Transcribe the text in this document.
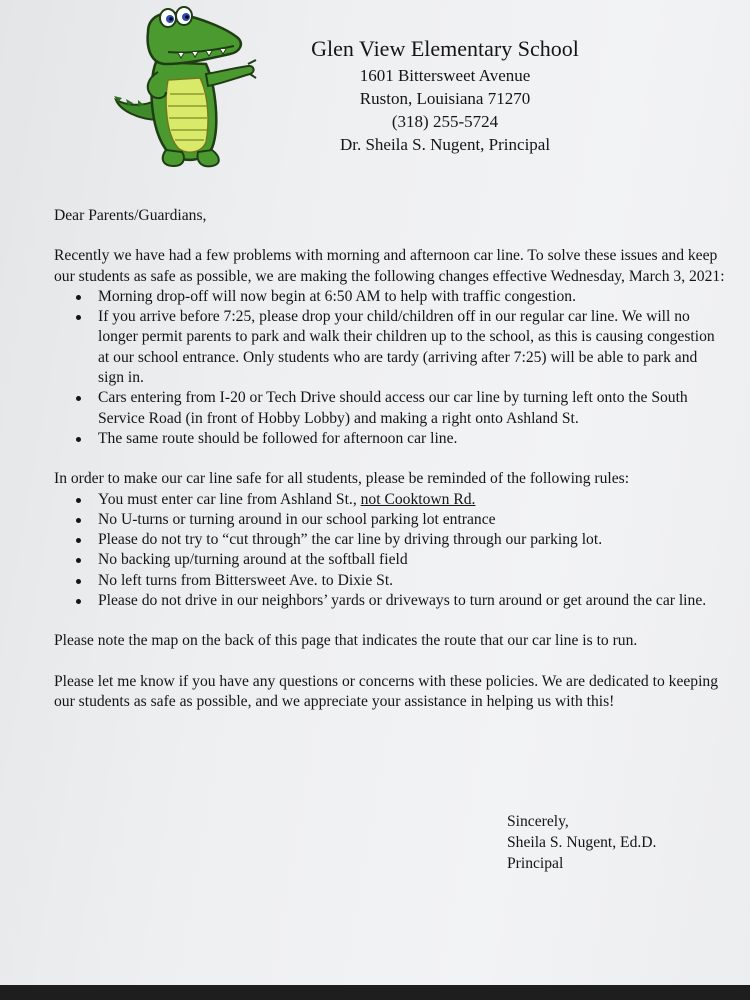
Glen View Elementary School
1601 Bittersweet Avenue
Ruston, Louisiana 71270
(318) 255-5724
Dr. Sheila S. Nugent, Principal

Dear Parents/Guardians,

Recently we have had a few problems with morning and afternoon car line. To solve these issues and keep our students as safe as possible, we are making the following changes effective Wednesday, March 3, 2021:

Morning drop-off will now begin at 6:50 AM to help with traffic congestion.
If you arrive before 7:25, please drop your child/children off in our regular car line. We will no longer permit parents to park and walk their children up to the school, as this is causing congestion at our school entrance. Only students who are tardy (arriving after 7:25) will be able to park and sign in.
Cars entering from I-20 or Tech Drive should access our car line by turning left onto the South Service Road (in front of Hobby Lobby) and making a right onto Ashland St.
The same route should be followed for afternoon car line.

In order to make our car line safe for all students, please be reminded of the following rules:

You must enter car line from Ashland St., not Cooktown Rd.
No U-turns or turning around in our school parking lot entrance
Please do not try to “cut through” the car line by driving through our parking lot.
No backing up/turning around at the softball field
No left turns from Bittersweet Ave. to Dixie St.
Please do not drive in our neighbors’ yards or driveways to turn around or get around the car line.

Please note the map on the back of this page that indicates the route that our car line is to run.

Please let me know if you have any questions or concerns with these policies. We are dedicated to keeping our students as safe as possible, and we appreciate your assistance in helping us with this!

Sincerely,
Sheila S. Nugent, Ed.D.
Principal
